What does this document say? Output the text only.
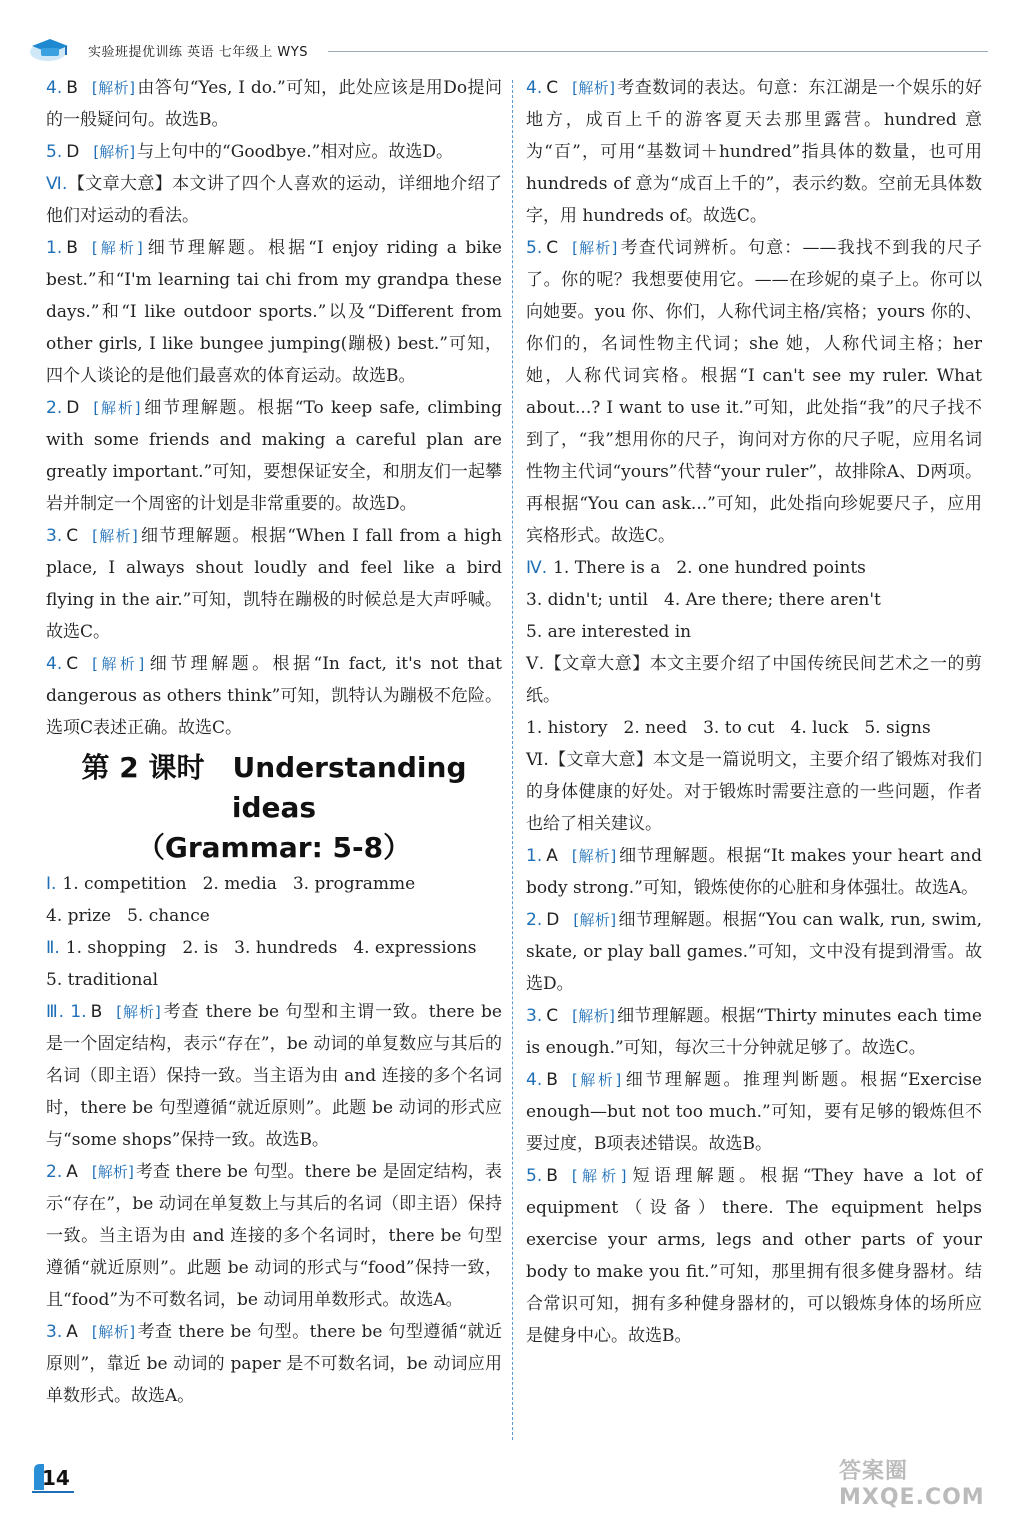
实验班提优训练 英语 七年级上 WYS

4. B [解析] 由答句“Yes, I do.”可知，此处应该是用Do提问的一般疑问句。故选B。

5. D [解析] 与上句中的“Goodbye.”相对应。故选D。

Ⅵ.【文章大意】本文讲了四个人喜欢的运动，详细地介绍了他们对运动的看法。

1. B [解析] 细节理解题。根据“I enjoy riding a bike best.”和“I'm learning tai chi from my grandpa these days.”和“I like outdoor sports.”以及“Different from other girls, I like bungee jumping(蹦极) best.”可知，四个人谈论的是他们最喜欢的体育运动。故选B。

2. D [解析] 细节理解题。根据“To keep safe, climbing with some friends and making a careful plan are greatly important.”可知，要想保证安全，和朋友们一起攀岩并制定一个周密的计划是非常重要的。故选D。

3. C [解析] 细节理解题。根据“When I fall from a high place, I always shout loudly and feel like a bird flying in the air.”可知，凯特在蹦极的时候总是大声呼喊。故选C。

4. C [解析] 细节理解题。根据“In fact, it's not that dangerous as others think”可知，凯特认为蹦极不危险。选项C表述正确。故选C。

第 2 课时　Understanding ideas
（Grammar: 5-8）

Ⅰ. 1. competition 2. media 3. programme

4. prize 5. chance

Ⅱ. 1. shopping 2. is 3. hundreds 4. expressions

5. traditional

Ⅲ. 1. B [解析] 考查 there be 句型和主谓一致。there be 是一个固定结构，表示“存在”，be 动词的单复数应与其后的名词（即主语）保持一致。当主语为由 and 连接的多个名词时，there be 句型遵循“就近原则”。此题 be 动词的形式应与“some shops”保持一致。故选B。

2. A [解析] 考查 there be 句型。there be 是固定结构，表示“存在”，be 动词在单复数上与其后的名词（即主语）保持一致。当主语为由 and 连接的多个名词时，there be 句型遵循“就近原则”。此题 be 动词的形式与“food”保持一致，且“food”为不可数名词，be 动词用单数形式。故选A。

3. A [解析] 考查 there be 句型。there be 句型遵循“就近原则”，靠近 be 动词的 paper 是不可数名词，be 动词应用单数形式。故选A。

4. C [解析] 考查数词的表达。句意：东江湖是一个娱乐的好地方，成百上千的游客夏天去那里露营。hundred 意为“百”，可用“基数词＋hundred”指具体的数量，也可用 hundreds of 意为“成百上千的”，表示约数。空前无具体数字，用 hundreds of。故选C。

5. C [解析] 考查代词辨析。句意：——我找不到我的尺子了。你的呢？我想要使用它。——在珍妮的桌子上。你可以向她要。you 你、你们，人称代词主格/宾格；yours 你的、你们的，名词性物主代词；she 她，人称代词主格；her 她，人称代词宾格。根据“I can't see my ruler. What about...? I want to use it.”可知，此处指“我”的尺子找不到了，“我”想用你的尺子，询问对方你的尺子呢，应用名词性物主代词“yours”代替“your ruler”，故排除A、D两项。再根据“You can ask...”可知，此处指向珍妮要尺子，应用宾格形式。故选C。

Ⅳ. 1. There is a 2. one hundred points

3. didn't; until 4. Are there; there aren't

5. are interested in

Ⅴ.【文章大意】本文主要介绍了中国传统民间艺术之一的剪纸。

1. history 2. need 3. to cut 4. luck 5. signs

Ⅵ.【文章大意】本文是一篇说明文，主要介绍了锻炼对我们的身体健康的好处。对于锻炼时需要注意的一些问题，作者也给了相关建议。

1. A [解析] 细节理解题。根据“It makes your heart and body strong.”可知，锻炼使你的心脏和身体强壮。故选A。

2. D [解析] 细节理解题。根据“You can walk, run, swim, skate, or play ball games.”可知，文中没有提到滑雪。故选D。

3. C [解析] 细节理解题。根据“Thirty minutes each time is enough.”可知，每次三十分钟就足够了。故选C。

4. B [解析] 细节理解题。推理判断题。根据“Exercise enough—but not too much.”可知，要有足够的锻炼但不要过度，B项表述错误。故选B。

5. B [解析] 短语理解题。根据“They have a lot of equipment（设备）there. The equipment helps exercise your arms, legs and other parts of your body to make you fit.”可知，那里拥有很多健身器材。结合常识可知，拥有多种健身器材的，可以锻炼身体的场所应是健身中心。故选B。

14	答案圈 MXQE.COM
